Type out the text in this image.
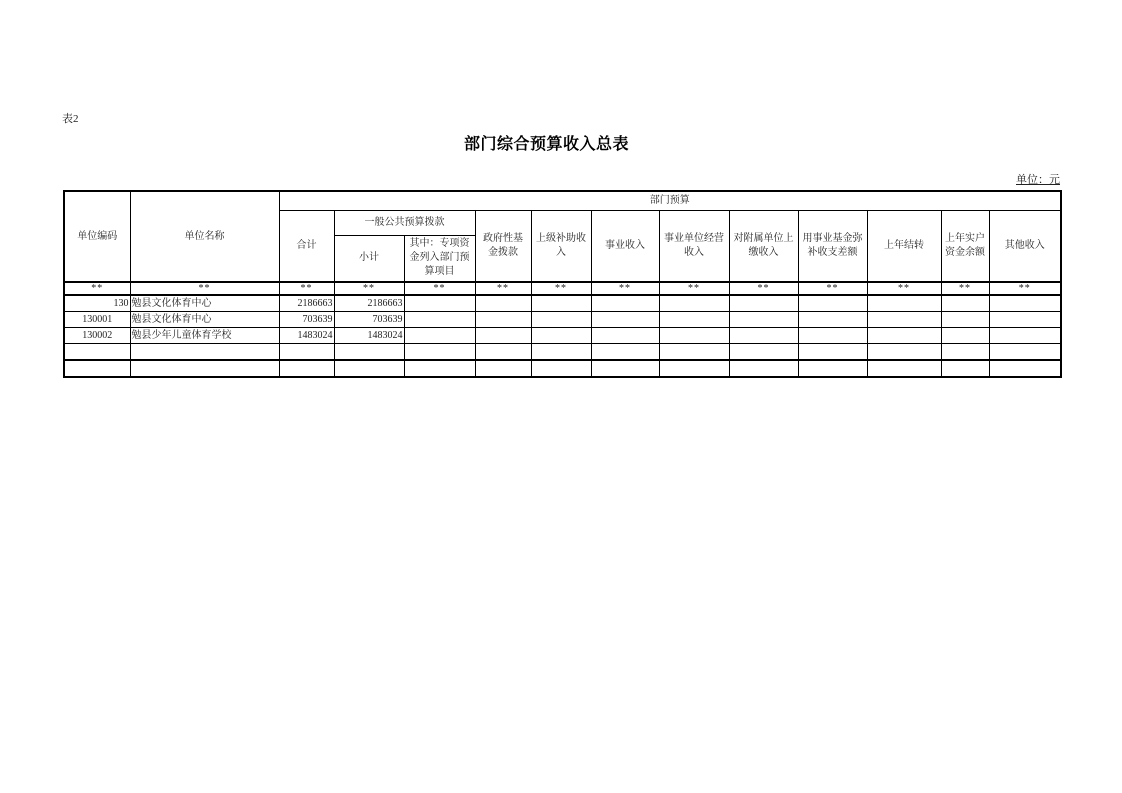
表2
部门综合预算收入总表
单位：元
单位编码	单位名称	部门预算											
		合计	一般公共预算拨款		政府性基金拨款	上级补助收入	事业收入	事业单位经营收入	对附属单位上缴收入	用事业基金弥补收支差额	上年结转	上年实户资金余额	其他收入
			小计	其中：专项资金列入部门预算项目									
**	**	**	**	**	**	**	**	**	**	**	**	**	**
130	勉县文化体育中心	2186663	2186663										
130001	勉县文化体育中心	703639	703639										
130002	勉县少年儿童体育学校	1483024	1483024										
